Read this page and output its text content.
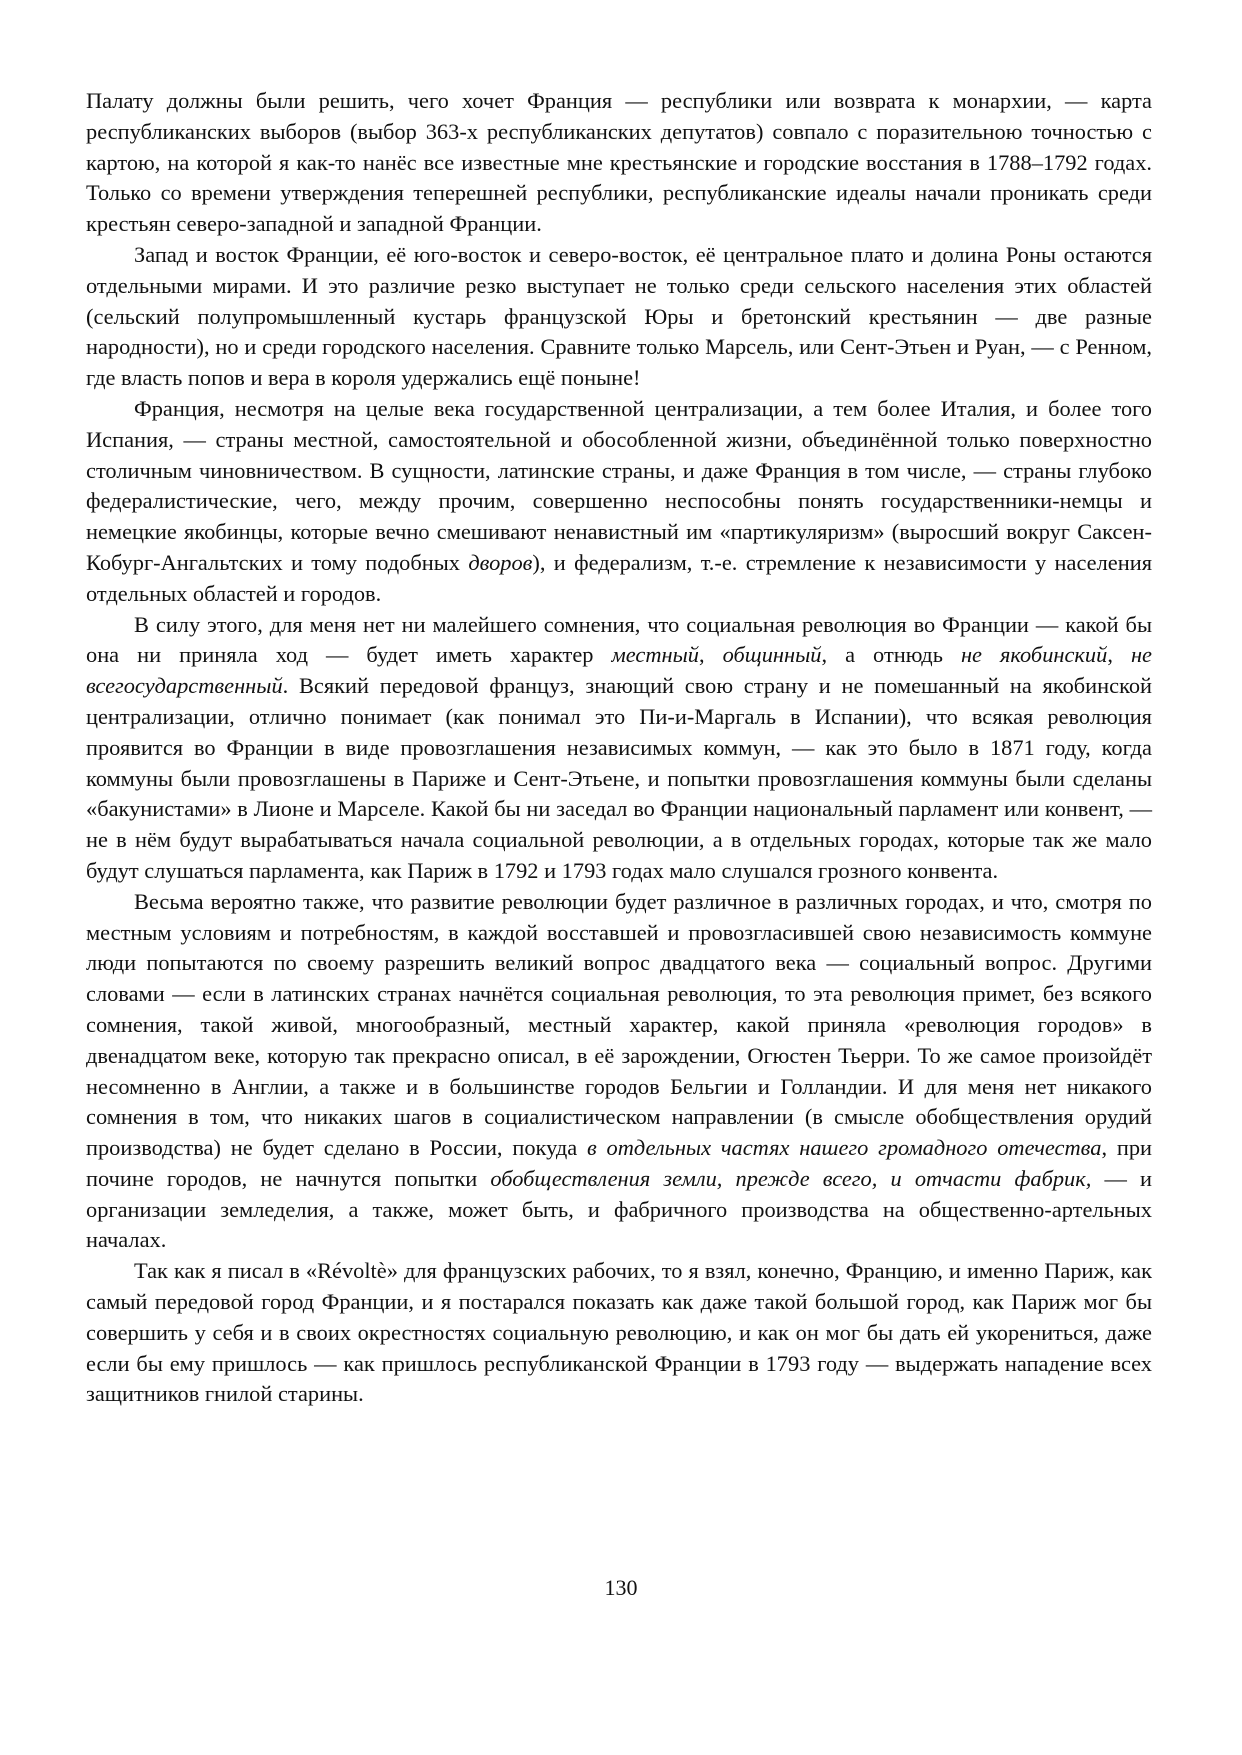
Палату должны были решить, чего хочет Франция — республики или возврата к монархии, — карта республиканских выборов (выбор 363-х республиканских депутатов) совпало с поразительною точностью с картою, на которой я как-то нанёс все известные мне крестьянские и городские восстания в 1788–1792 годах. Только со времени утверждения теперешней республики, республиканские идеалы начали проникать среди крестьян северо-западной и западной Франции.

Запад и восток Франции, её юго-восток и северо-восток, её центральное плато и долина Роны остаются отдельными мирами. И это различие резко выступает не только среди сельского населения этих областей (сельский полупромышленный кустарь французской Юры и бретонский крестьянин — две разные народности), но и среди городского населения. Сравните только Марсель, или Сент-Этьен и Руан, — с Ренном, где власть попов и вера в короля удержались ещё поныне!

Франция, несмотря на целые века государственной централизации, а тем более Италия, и более того Испания, — страны местной, самостоятельной и обособленной жизни, объединённой только поверхностно столичным чиновничеством. В сущности, латинские страны, и даже Франция в том числе, — страны глубоко федералистические, чего, между прочим, совершенно неспособны понять государственники-немцы и немецкие якобинцы, которые вечно смешивают ненавистный им «партикуляризм» (выросший вокруг Саксен-Кобург-Ангальтских и тому подобных дворов), и федерализм, т.-е. стремление к независимости у населения отдельных областей и городов.

В силу этого, для меня нет ни малейшего сомнения, что социальная революция во Франции — какой бы она ни приняла ход — будет иметь характер местный, общинный, а отнюдь не якобинский, не всегосударственный. Всякий передовой француз, знающий свою страну и не помешанный на якобинской централизации, отлично понимает (как понимал это Пи-и-Маргаль в Испании), что всякая революция проявится во Франции в виде провозглашения независимых коммун, — как это было в 1871 году, когда коммуны были провозглашены в Париже и Сент-Этьене, и попытки провозглашения коммуны были сделаны «бакунистами» в Лионе и Марселе. Какой бы ни заседал во Франции национальный парламент или конвент, — не в нём будут вырабатываться начала социальной революции, а в отдельных городах, которые так же мало будут слушаться парламента, как Париж в 1792 и 1793 годах мало слушался грозного конвента.

Весьма вероятно также, что развитие революции будет различное в различных городах, и что, смотря по местным условиям и потребностям, в каждой восставшей и провозгласившей свою независимость коммуне люди попытаются по своему разрешить великий вопрос двадцатого века — социальный вопрос. Другими словами — если в латинских странах начнётся социальная революция, то эта революция примет, без всякого сомнения, такой живой, многообразный, местный характер, какой приняла «революция городов» в двенадцатом веке, которую так прекрасно описал, в её зарождении, Огюстен Тьерри. То же самое произойдёт несомненно в Англии, а также и в большинстве городов Бельгии и Голландии. И для меня нет никакого сомнения в том, что никаких шагов в социалистическом направлении (в смысле обобществления орудий производства) не будет сделано в России, покуда в отдельных частях нашего громадного отечества, при почине городов, не начнутся попытки обобществления земли, прежде всего, и отчасти фабрик, — и организации земледелия, а также, может быть, и фабричного производства на общественно-артельных началах.

Так как я писал в «Révoltè» для французских рабочих, то я взял, конечно, Францию, и именно Париж, как самый передовой город Франции, и я постарался показать как даже такой большой город, как Париж мог бы совершить у себя и в своих окрестностях социальную революцию, и как он мог бы дать ей укорениться, даже если бы ему пришлось — как пришлось республиканской Франции в 1793 году — выдержать нападение всех защитников гнилой старины.

130
